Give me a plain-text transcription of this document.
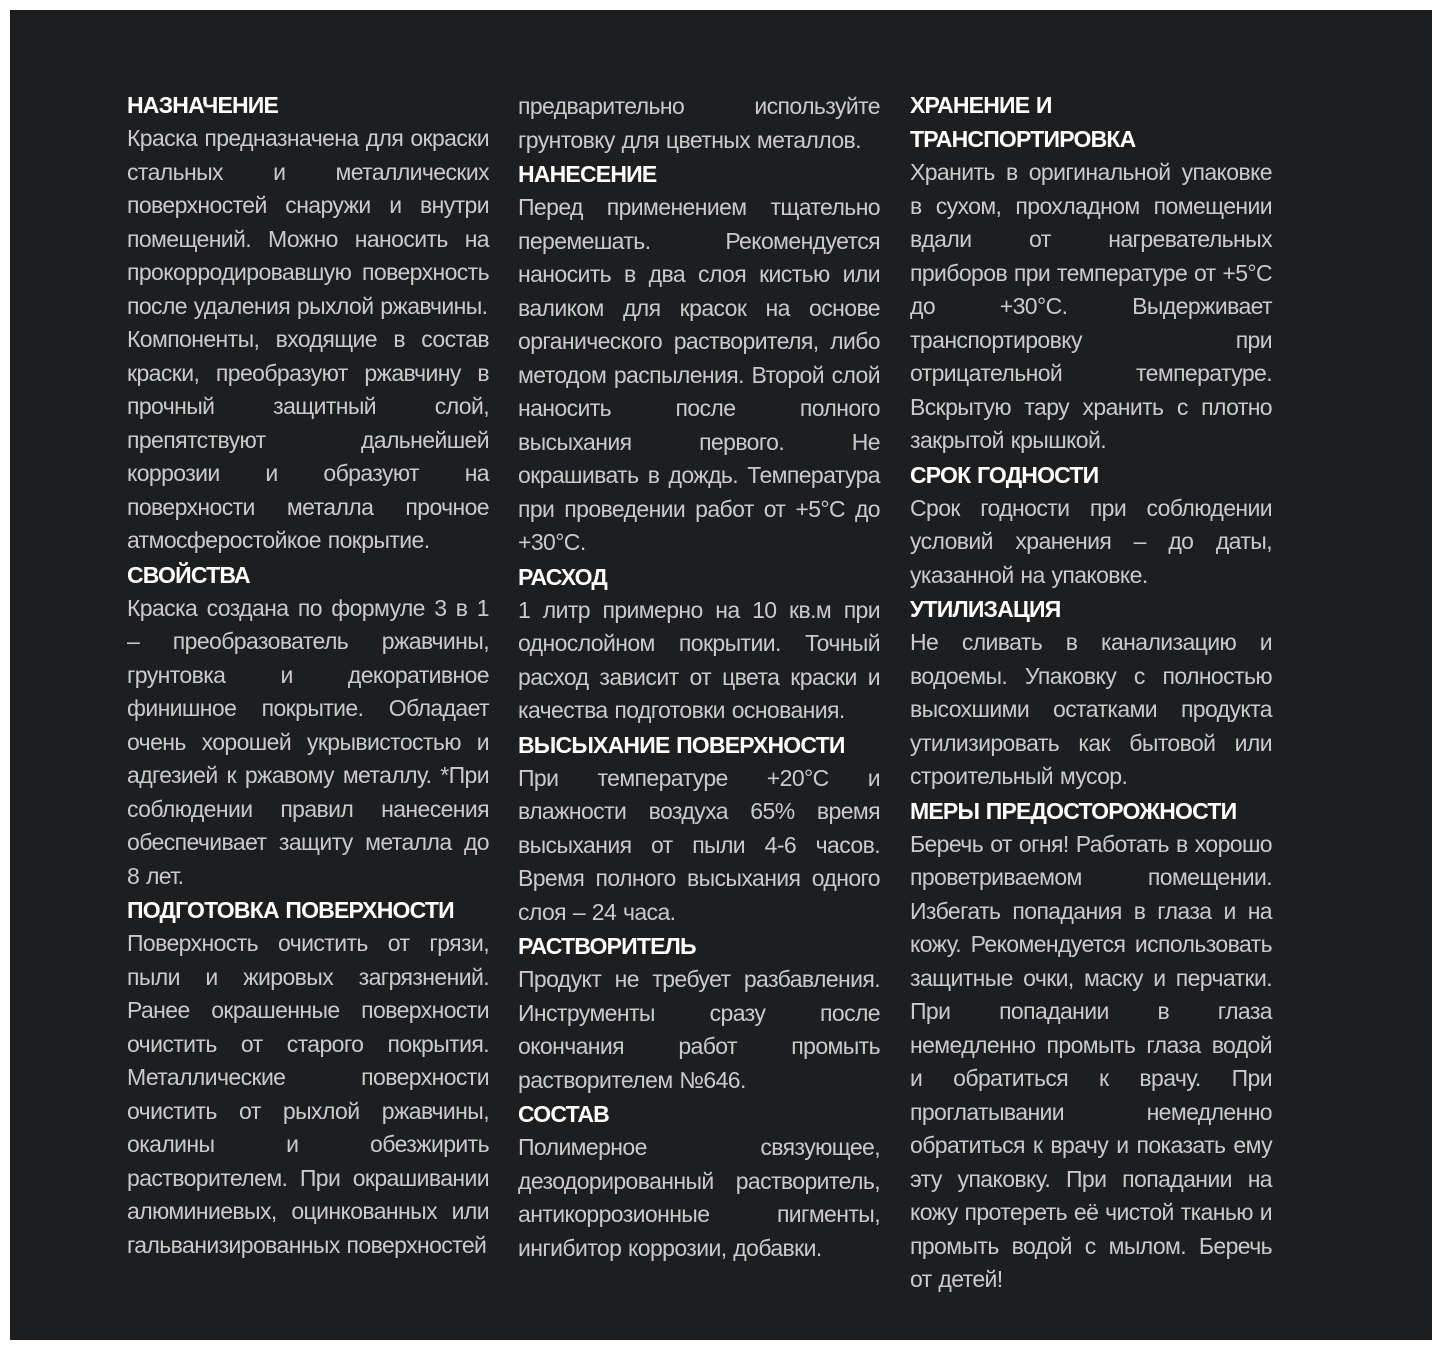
НАЗНАЧЕНИЕ

Краска предназначена для окраски стальных и металлических поверхностей снаружи и внутри помещений. Можно наносить на прокорродировавшую поверхность после удаления рыхлой ржавчины.

Компоненты, входящие в состав краски, преобразуют ржавчину в прочный защитный слой, препятствуют дальнейшей коррозии и образуют на поверхности металла прочное атмосферостойкое покрытие.

СВОЙСТВА

Краска создана по формуле 3 в 1 – преобразователь ржавчины, грунтовка и декоративное финишное покрытие. Обладает очень хорошей укрывистостью и адгезией к ржавому металлу. *При соблюдении правил нанесения обеспечивает защиту металла до 8 лет.

ПОДГОТОВКА ПОВЕРХНОСТИ

Поверхность очистить от грязи, пыли и жировых загрязнений. Ранее окрашенные поверхности очистить от старого покрытия. Металлические поверхности очистить от рыхлой ржавчины, окалины и обезжирить растворителем. При окрашивании алюминиевых, оцинкованных или гальванизированных поверхностей

предварительно используйте грунтовку для цветных металлов.

НАНЕСЕНИЕ

Перед применением тщательно перемешать. Рекомендуется наносить в два слоя кистью или валиком для красок на основе органического растворителя, либо методом распыления. Второй слой наносить после полного высыхания первого. Не окрашивать в дождь. Температура при проведении работ от +5°С до +30°С.

РАСХОД

1 литр примерно на 10 кв.м при однослойном покрытии. Точный расход зависит от цвета краски и качества подготовки основания.

ВЫСЫХАНИЕ ПОВЕРХНОСТИ

При температуре +20°С и влажности воздуха 65% время высыхания от пыли 4-6 часов. Время полного высыхания одного слоя – 24 часа.

РАСТВОРИТЕЛЬ

Продукт не требует разбавления. Инструменты сразу после окончания работ промыть растворителем №646.

СОСТАВ

Полимерное связующее, дезодорированный растворитель, антикоррозионные пигменты, ингибитор коррозии, добавки.

ХРАНЕНИЕ И ТРАНСПОРТИРОВКА

Хранить в оригинальной упаковке в сухом, прохладном помещении вдали от нагревательных приборов при температуре от +5°С до +30°С. Выдерживает транспортировку при отрицательной температуре. Вскрытую тару хранить с плотно закрытой крышкой.

СРОК ГОДНОСТИ

Срок годности при соблюдении условий хранения – до даты, указанной на упаковке.

УТИЛИЗАЦИЯ

Не сливать в канализацию и водоемы. Упаковку с полностью высохшими остатками продукта утилизировать как бытовой или строительный мусор.

МЕРЫ ПРЕДОСТОРОЖНОСТИ

Беречь от огня! Работать в хорошо проветриваемом помещении. Избегать попадания в глаза и на кожу. Рекомендуется использовать защитные очки, маску и перчатки. При попадании в глаза немедленно промыть глаза водой и обратиться к врачу. При проглатывании немедленно обратиться к врачу и показать ему эту упаковку. При попадании на кожу протереть её чистой тканью и промыть водой с мылом. Беречь от детей!
